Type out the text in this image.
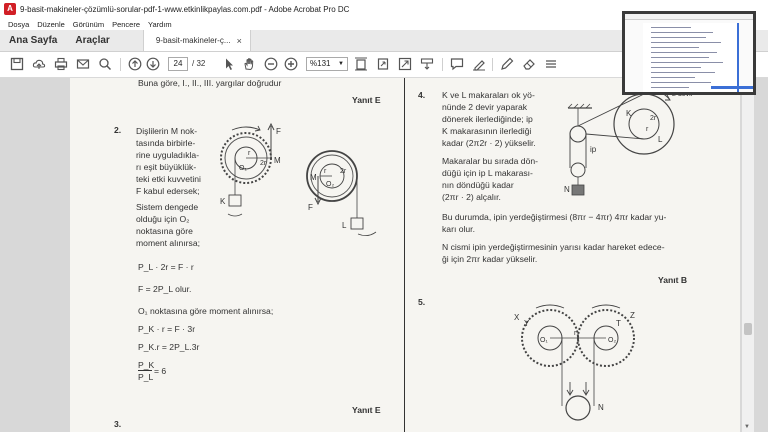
A 9-basit-makineler-çözümlü-sorular-pdf-1-www.etkinlikpaylas.com.pdf - Adobe Acrobat Pro DC
Dosya Düzenle Görünüm Pencere Yardım
Ana Sayfa	Araçlar	9-basit-makineler-ç... ×
24	/ 32	%131 ▼
Buna göre, I., II., III. yargılar doğrudur
Yanıt E
2. Dişlilerin M nok-
tasında birbirle-
rine uyguladıkla-
rı eşit büyüklük-
teki etki kuvvetini
F kabul edersek;
Sistem dengede
olduğu için O₂
noktasına göre
moment alınırsa;
P_L · 2r = F · r
F = 2P_L olur.
O₁ noktasına göre moment alınırsa;
P_K · r = F · 3r
P_K.r = 2P_L.3r
P_K
P_L
= 6
Yanıt E
3.
F
M
r
2r
O₁
K
M
r 2r
O₂
F
L
4. K ve L makaraları ok yö-
nünde 2 devir yaparak
dönerek ilerlediğinde; ip
K makarasının ilerlediği
kadar (2π2r · 2) yükselir.
Makaralar bu sırada dön-
düğü için ip L makarası-
nın döndüğü kadar
(2πr · 2) alçalır.
Bu durumda, ipin yerdeğiştirmesi (8πr − 4πr) 4πr kadar yu-
karı olur.
N cismi ipin yerdeğiştirmesinin yarısı kadar hareket edece-
ği için 2πr kadar yükselir.
Yanıt B
5.
K
2r
r
L
ip
N
X
Y
Z
T
O₁	O₂
r
N
▼
